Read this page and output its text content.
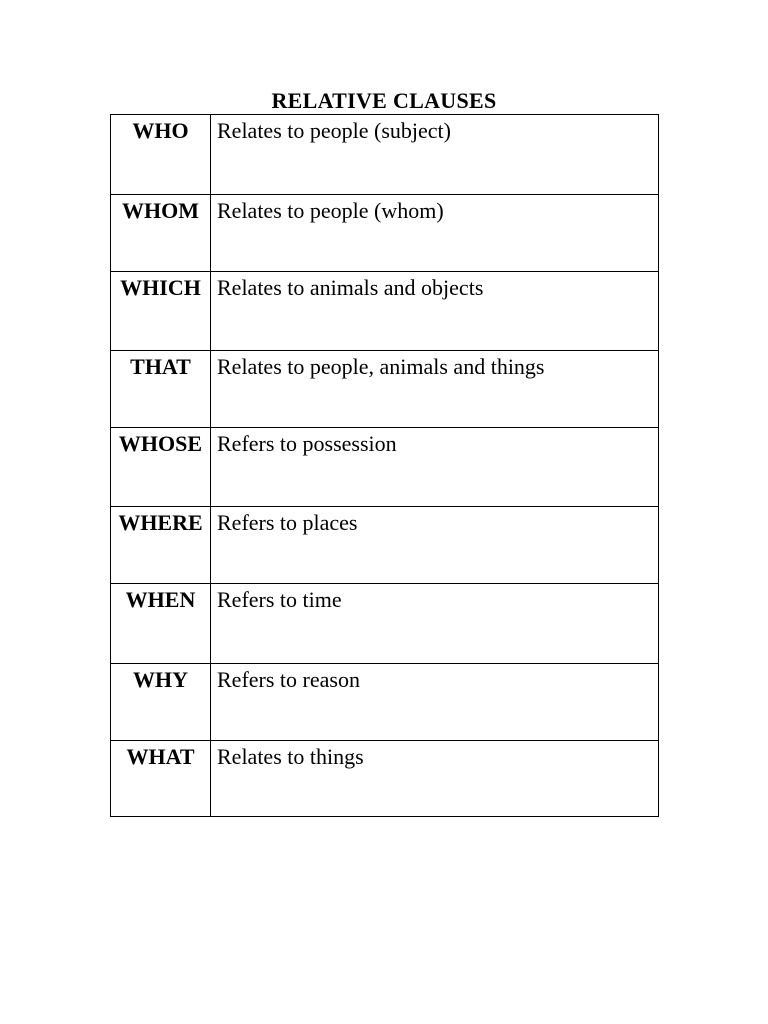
RELATIVE CLAUSES
WHO	Relates to people (subject)

WHOM	Relates to people (whom)

WHICH	Relates to animals and objects

THAT	Relates to people, animals and things

WHOSE	Refers to possession

WHERE	Refers to places

WHEN	Refers to time

WHY	Refers to reason

WHAT	Relates to things
